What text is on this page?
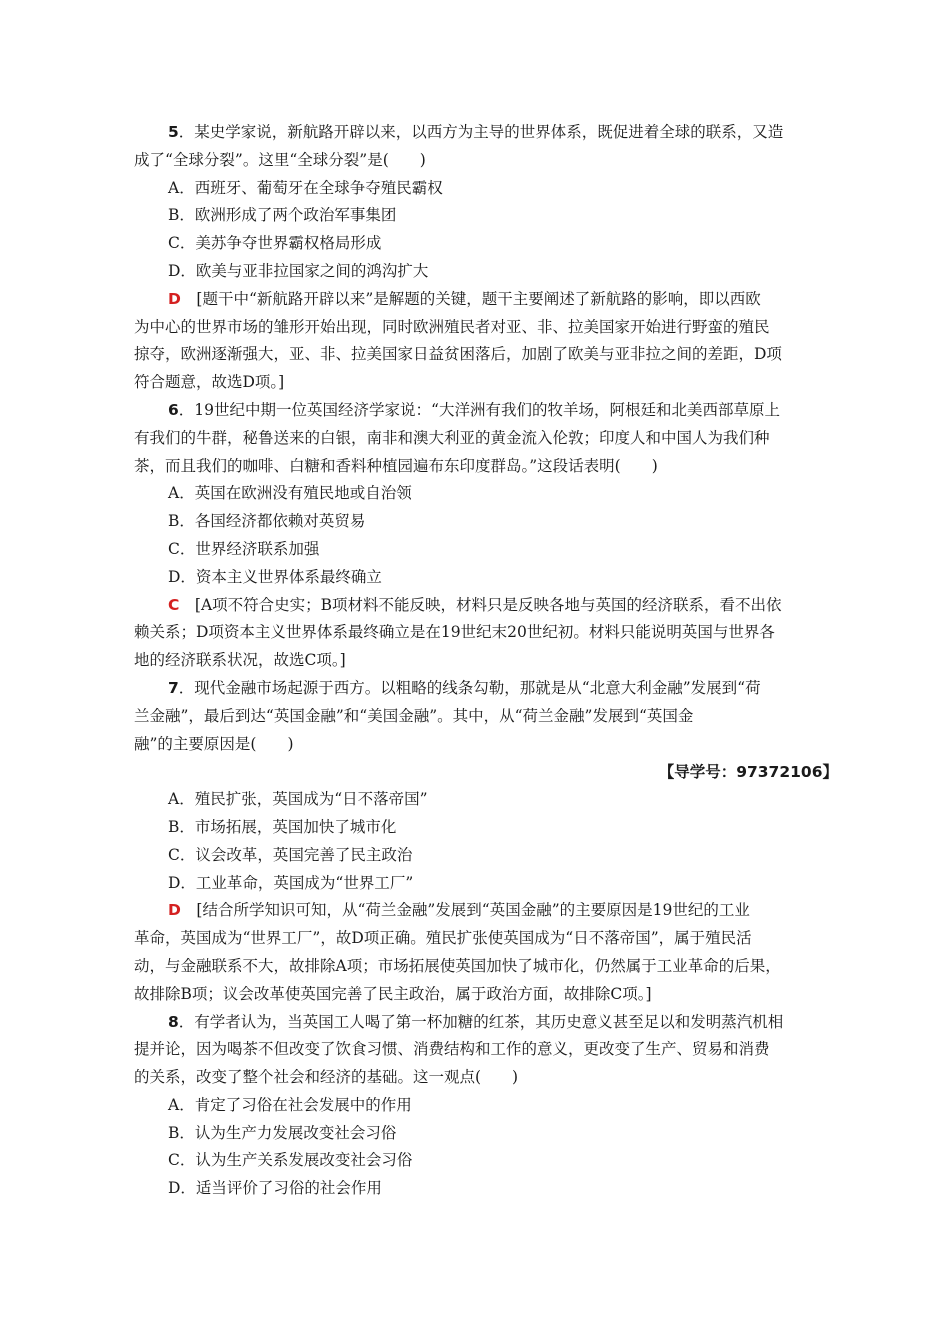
5．某史学家说，新航路开辟以来，以西方为主导的世界体系，既促进着全球的联系，又造
成了“全球分裂”。这里“全球分裂”是(　　)
A．西班牙、葡萄牙在全球争夺殖民霸权
B．欧洲形成了两个政治军事集团
C．美苏争夺世界霸权格局形成
D．欧美与亚非拉国家之间的鸿沟扩大
D　 [题干中“新航路开辟以来”是解题的关键，题干主要阐述了新航路的影响，即以西欧
为中心的世界市场的雏形开始出现，同时欧洲殖民者对亚、非、拉美国家开始进行野蛮的殖民
掠夺，欧洲逐渐强大，亚、非、拉美国家日益贫困落后，加剧了欧美与亚非拉之间的差距，D项
符合题意，故选D项。]
6．19世纪中期一位英国经济学家说：“大洋洲有我们的牧羊场，阿根廷和北美西部草原上
有我们的牛群，秘鲁送来的白银，南非和澳大利亚的黄金流入伦敦；印度人和中国人为我们种
茶，而且我们的咖啡、白糖和香料种植园遍布东印度群岛。”这段话表明(　　)
A．英国在欧洲没有殖民地或自治领
B．各国经济都依赖对英贸易
C．世界经济联系加强
D．资本主义世界体系最终确立
C　 [A项不符合史实；B项材料不能反映，材料只是反映各地与英国的经济联系，看不出依
赖关系；D项资本主义世界体系最终确立是在19世纪末20世纪初。材料只能说明英国与世界各
地的经济联系状况，故选C项。]
7．现代金融市场起源于西方。以粗略的线条勾勒，那就是从“北意大利金融”发展到“荷
兰金融”，最后到达“英国金融”和“美国金融”。其中，从“荷兰金融”发展到“英国金
融”的主要原因是(　　)
【导学号：97372106】
A．殖民扩张，英国成为“日不落帝国”
B．市场拓展，英国加快了城市化
C．议会改革，英国完善了民主政治
D．工业革命，英国成为“世界工厂”
D　 [结合所学知识可知，从“荷兰金融”发展到“英国金融”的主要原因是19世纪的工业
革命，英国成为“世界工厂”，故D项正确。殖民扩张使英国成为“日不落帝国”，属于殖民活
动，与金融联系不大，故排除A项；市场拓展使英国加快了城市化，仍然属于工业革命的后果，
故排除B项；议会改革使英国完善了民主政治，属于政治方面，故排除C项。]
8．有学者认为，当英国工人喝了第一杯加糖的红茶，其历史意义甚至足以和发明蒸汽机相
提并论，因为喝茶不但改变了饮食习惯、消费结构和工作的意义，更改变了生产、贸易和消费
的关系，改变了整个社会和经济的基础。这一观点(　　)
A．肯定了习俗在社会发展中的作用
B．认为生产力发展改变社会习俗
C．认为生产关系发展改变社会习俗
D．适当评价了习俗的社会作用
